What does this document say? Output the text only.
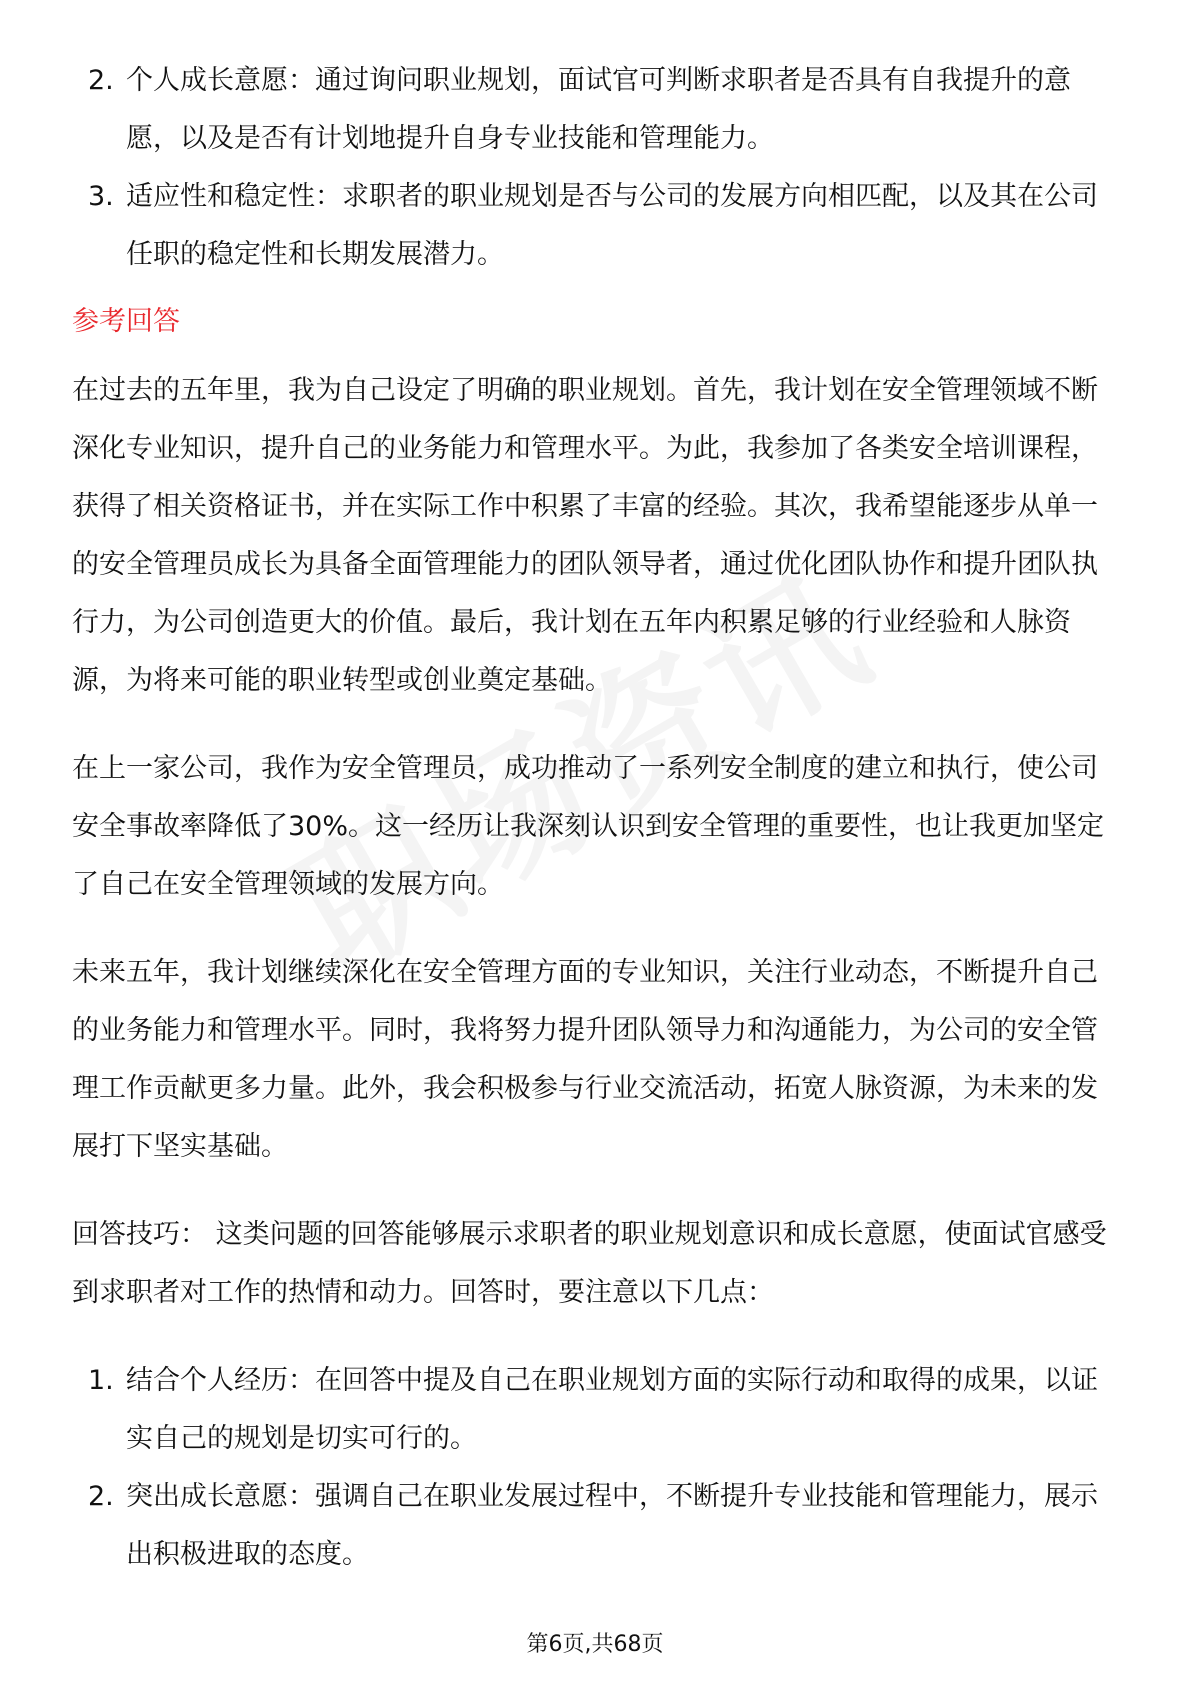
2. 个人成长意愿：通过询问职业规划，面试官可判断求职者是否具有自我提升的意愿，以及是否有计划地提升自身专业技能和管理能力。
3. 适应性和稳定性：求职者的职业规划是否与公司的发展方向相匹配，以及其在公司任职的稳定性和长期发展潜力。
参考回答

在过去的五年里，我为自己设定了明确的职业规划。首先，我计划在安全管理领域不断深化专业知识，提升自己的业务能力和管理水平。为此，我参加了各类安全培训课程，获得了相关资格证书，并在实际工作中积累了丰富的经验。其次，我希望能逐步从单一的安全管理员成长为具备全面管理能力的团队领导者，通过优化团队协作和提升团队执行力，为公司创造更大的价值。最后，我计划在五年内积累足够的行业经验和人脉资源，为将来可能的职业转型或创业奠定基础。

在上一家公司，我作为安全管理员，成功推动了一系列安全制度的建立和执行，使公司安全事故率降低了30%。这一经历让我深刻认识到安全管理的重要性，也让我更加坚定了自己在安全管理领域的发展方向。

未来五年，我计划继续深化在安全管理方面的专业知识，关注行业动态，不断提升自己的业务能力和管理水平。同时，我将努力提升团队领导力和沟通能力，为公司的安全管理工作贡献更多力量。此外，我会积极参与行业交流活动，拓宽人脉资源，为未来的发展打下坚实基础。

回答技巧： 这类问题的回答能够展示求职者的职业规划意识和成长意愿，使面试官感受到求职者对工作的热情和动力。回答时，要注意以下几点：

1. 结合个人经历：在回答中提及自己在职业规划方面的实际行动和取得的成果，以证实自己的规划是切实可行的。
2. 突出成长意愿：强调自己在职业发展过程中，不断提升专业技能和管理能力，展示出积极进取的态度。
第6页,共68页
